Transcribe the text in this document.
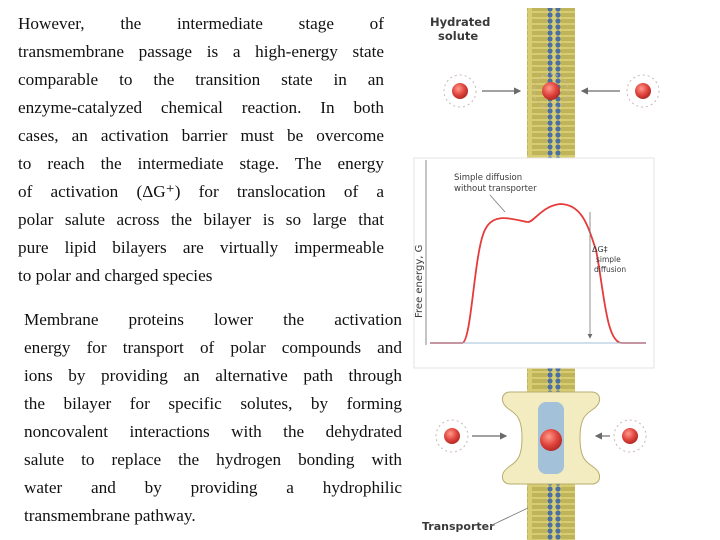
However, the intermediate stage of
transmembrane passage is a high-energy state
comparable to the transition state in an
enzyme-catalyzed chemical reaction. In both
cases, an activation barrier must be overcome
to reach the intermediate stage. The energy
of activation (ΔG⁺) for translocation of a
polar salute across the bilayer is so large that
pure lipid bilayers are virtually impermeable
to polar and charged species
Membrane proteins lower the activation
energy for transport of polar compounds and
ions by providing an alternative path through
the bilayer for specific solutes, by forming
noncovalent interactions with the dehydrated
salute to replace the hydrogen bonding with
water and by providing a hydrophilic
transmembrane pathway.
Hydrated
solute
Free energy, G
Simple diffusion
without transporter
ΔG‡
simple
diffusion
Transporter
